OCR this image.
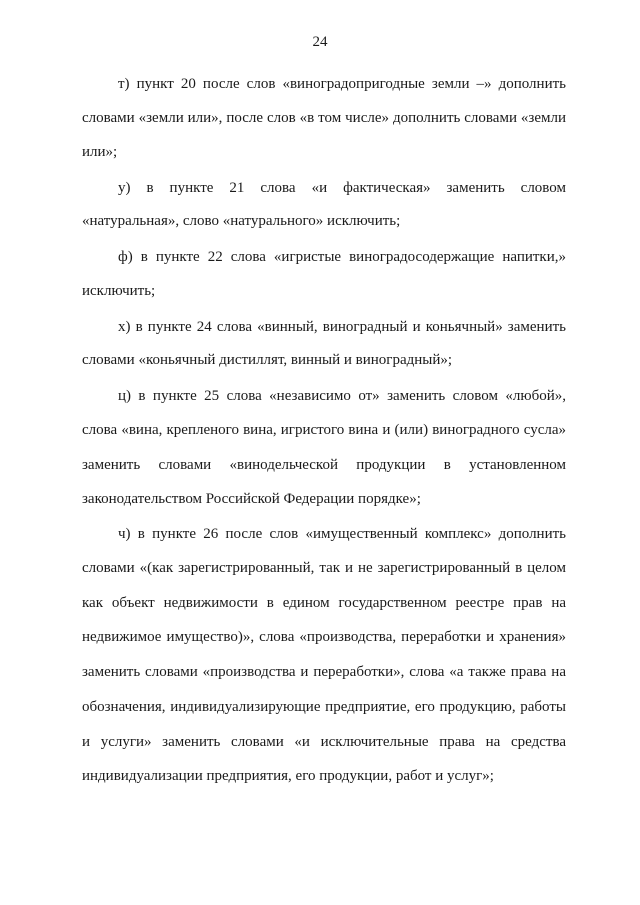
24
т) пункт 20 после слов «виноградопригодные земли –» дополнить
словами «земли или», после слов «в том числе» дополнить словами «земли
или»;
у) в пункте 21 слова «и фактическая» заменить словом
«натуральная», слово «натурального» исключить;
ф) в пункте 22 слова «игристые виноградосодержащие напитки,»
исключить;
х) в пункте 24 слова «винный, виноградный и коньячный» заменить
словами «коньячный дистиллят, винный и виноградный»;
ц) в пункте 25 слова «независимо от» заменить словом «любой»,
слова «вина, крепленого вина, игристого вина и (или) виноградного сусла»
заменить словами «винодельческой продукции в установленном
законодательством Российской Федерации порядке»;
ч) в пункте 26 после слов «имущественный комплекс» дополнить
словами «(как зарегистрированный, так и не зарегистрированный в целом
как объект недвижимости в едином государственном реестре прав на
недвижимое имущество)», слова «производства, переработки и хранения»
заменить словами «производства и переработки», слова «а также права на
обозначения, индивидуализирующие предприятие, его продукцию, работы
и услуги» заменить словами «и исключительные права на средства
индивидуализации предприятия, его продукции, работ и услуг»;
